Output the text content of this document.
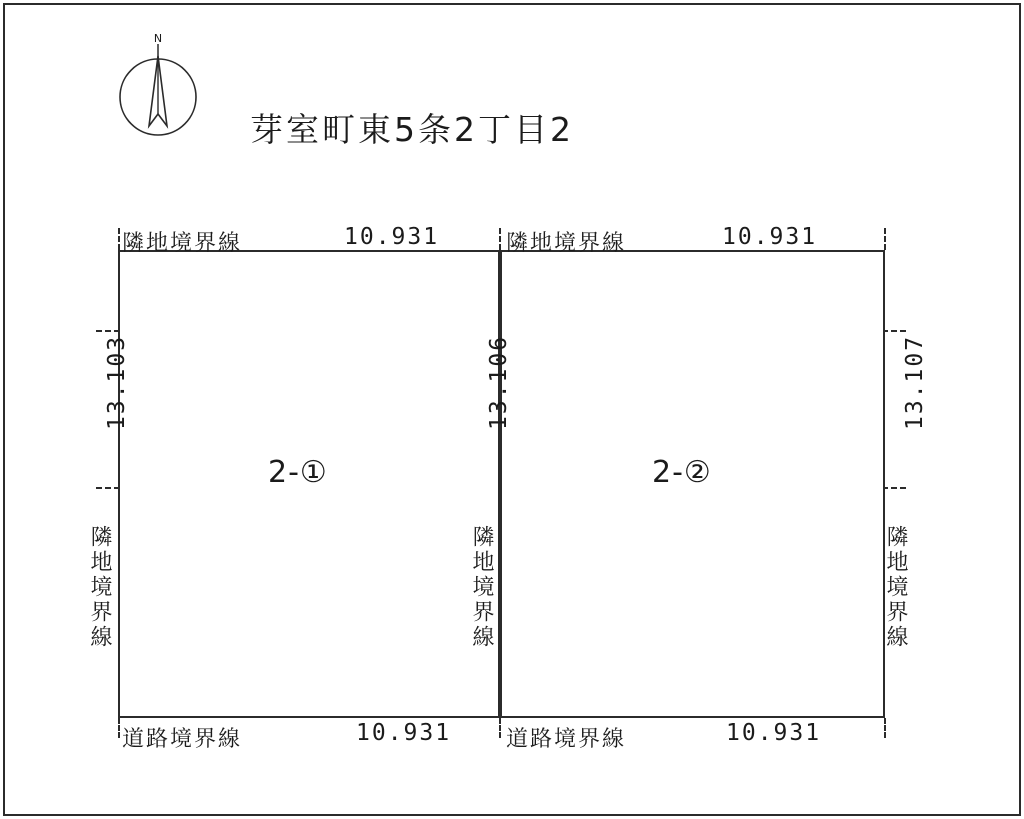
N
芽室町東5条2丁目2
2-①	2-②
隣地境界線	10.931	隣地境界線	10.931
道路境界線	10.931 道路境界線	10.931
13.103	13.106	13.107
隣地境界線	隣地境界線	隣地境界線
